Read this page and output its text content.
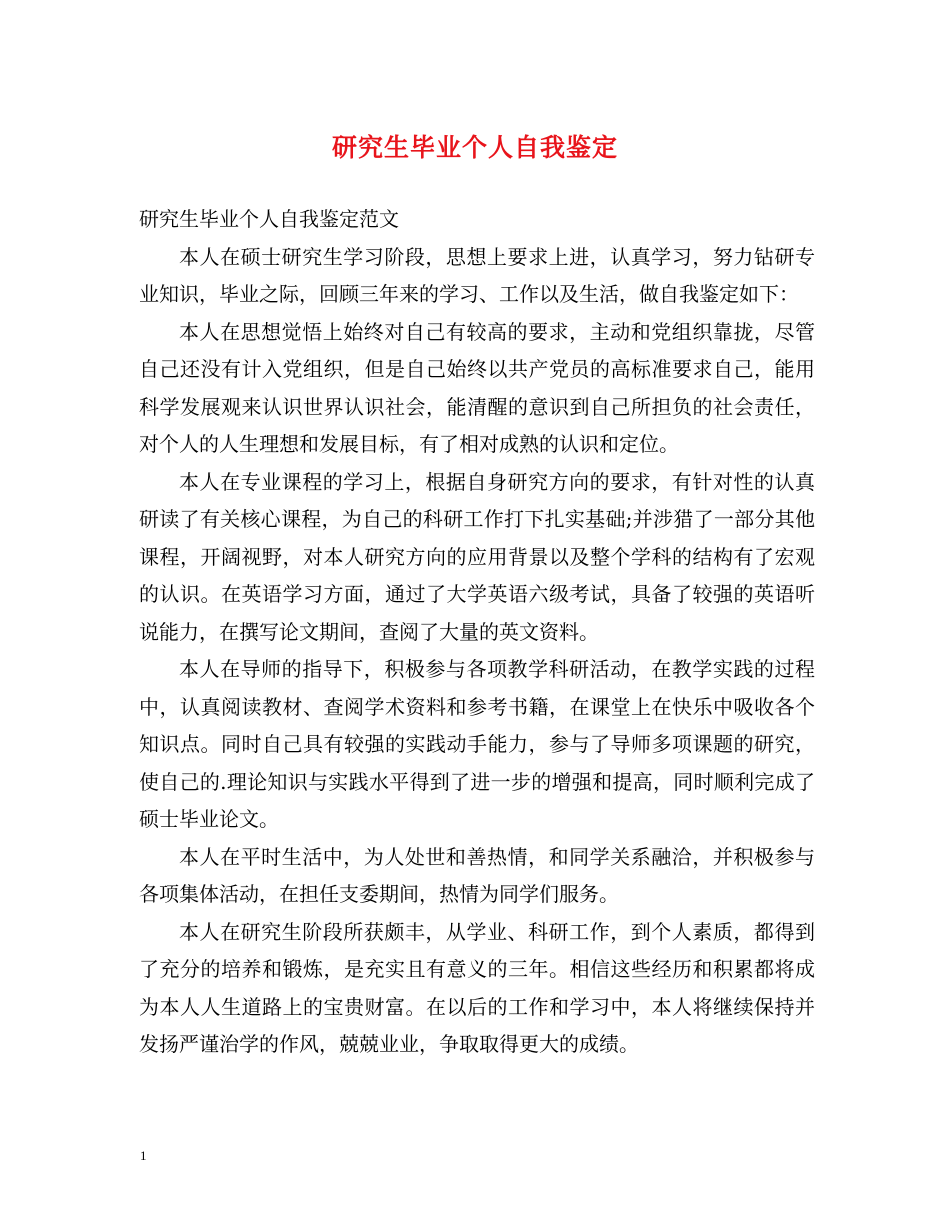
研究生毕业个人自我鉴定

研究生毕业个人自我鉴定范文

本人在硕士研究生学习阶段，思想上要求上进，认真学习，努力钻研专业知识，毕业之际，回顾三年来的学习、工作以及生活，做自我鉴定如下：

本人在思想觉悟上始终对自己有较高的要求，主动和党组织靠拢，尽管自己还没有计入党组织，但是自己始终以共产党员的高标准要求自己，能用科学发展观来认识世界认识社会，能清醒的意识到自己所担负的社会责任，对个人的人生理想和发展目标，有了相对成熟的认识和定位。

本人在专业课程的学习上，根据自身研究方向的要求，有针对性的认真研读了有关核心课程，为自己的科研工作打下扎实基础;并涉猎了一部分其他课程，开阔视野，对本人研究方向的应用背景以及整个学科的结构有了宏观的认识。在英语学习方面，通过了大学英语六级考试，具备了较强的英语听说能力，在撰写论文期间，查阅了大量的英文资料。

本人在导师的指导下，积极参与各项教学科研活动，在教学实践的过程中，认真阅读教材、查阅学术资料和参考书籍，在课堂上在快乐中吸收各个知识点。同时自己具有较强的实践动手能力，参与了导师多项课题的研究，使自己的.理论知识与实践水平得到了进一步的增强和提高，同时顺利完成了硕士毕业论文。

本人在平时生活中，为人处世和善热情，和同学关系融洽，并积极参与各项集体活动，在担任支委期间，热情为同学们服务。

本人在研究生阶段所获颇丰，从学业、科研工作，到个人素质，都得到了充分的培养和锻炼，是充实且有意义的三年。相信这些经历和积累都将成为本人人生道路上的宝贵财富。在以后的工作和学习中，本人将继续保持并发扬严谨治学的作风，兢兢业业，争取取得更大的成绩。

1
